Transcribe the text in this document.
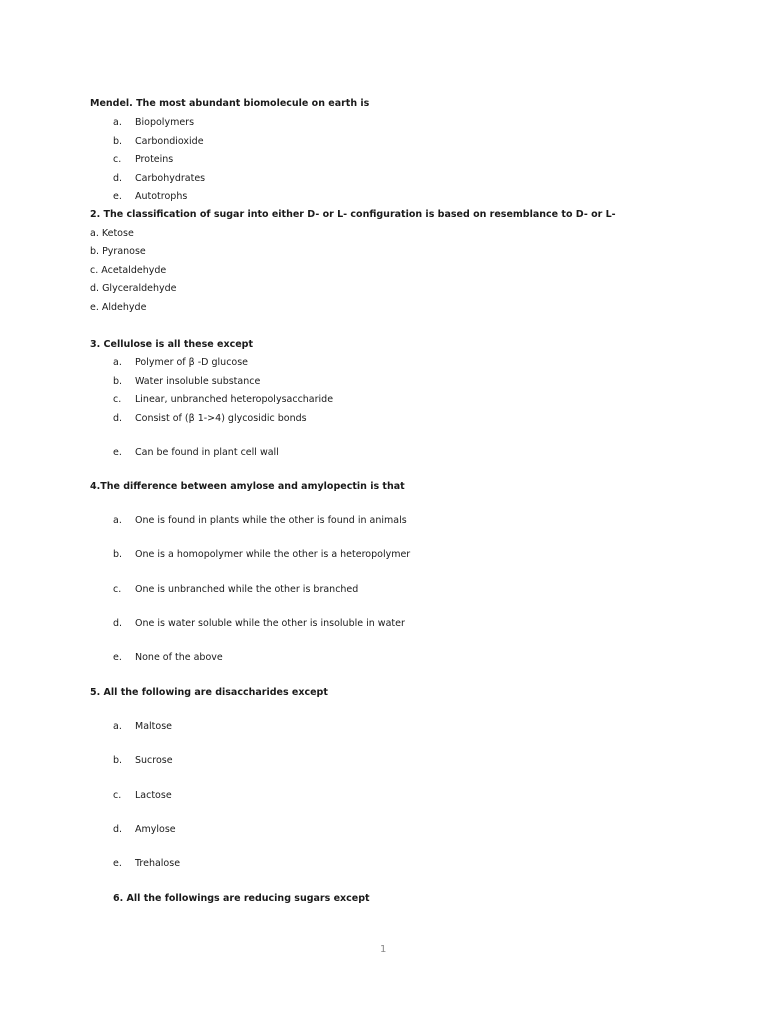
Mendel. The most abundant biomolecule on earth is
a.	Biopolymers
b.	Carbondioxide
c.	Proteins
d.	Carbohydrates
e.	Autotrophs
2. The classification of sugar into either D- or L- configuration is based on resemblance to D- or L-
a. Ketose
b. Pyranose
c. Acetaldehyde
d. Glyceraldehyde
e. Aldehyde
3. Cellulose is all these except
a.	Polymer of β -D glucose
b.	Water insoluble substance
c.	Linear, unbranched heteropolysaccharide
d.	Consist of (β 1->4) glycosidic bonds
e.	Can be found in plant cell wall
4.The difference between amylose and amylopectin is that
a.	One is found in plants while the other is found in animals
b.	One is a homopolymer while the other is a heteropolymer
c.	One is unbranched while the other is branched
d.	One is water soluble while the other is insoluble in water
e.	None of the above
5. All the following are disaccharides except
a.	Maltose
b.	Sucrose
c.	Lactose
d.	Amylose
e.	Trehalose
6. All the followings are reducing sugars except
1
